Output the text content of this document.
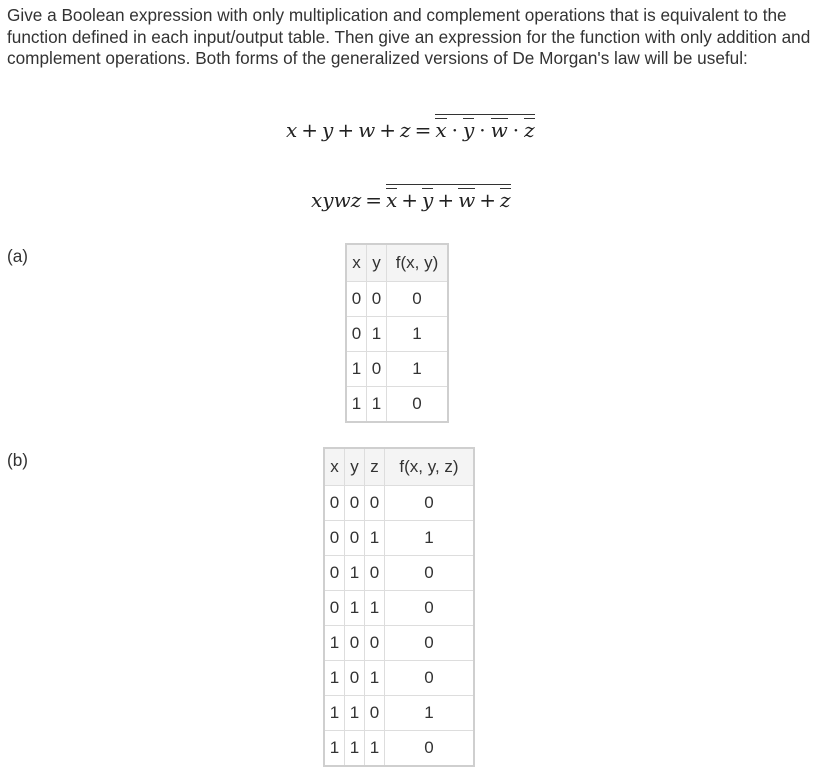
Give a Boolean expression with only multiplication and complement operations that is equivalent to the function defined in each input/output table. Then give an expression for the function with only addition and complement operations. Both forms of the generalized versions of De Morgan's law will be useful:

x + y + w + z = x · y · w · z
xywz = x + y + w + z
(a)	x	y	f(x, y)
0	0	0
0	1	1
1	0	1
1	1	0
(b)	x	y	z	f(x, y, z)
0	0	0	0
0	0	1	1
0	1	0	0
0	1	1	0
1	0	0	0
1	0	1	0
1	1	0	1
1	1	1	0
